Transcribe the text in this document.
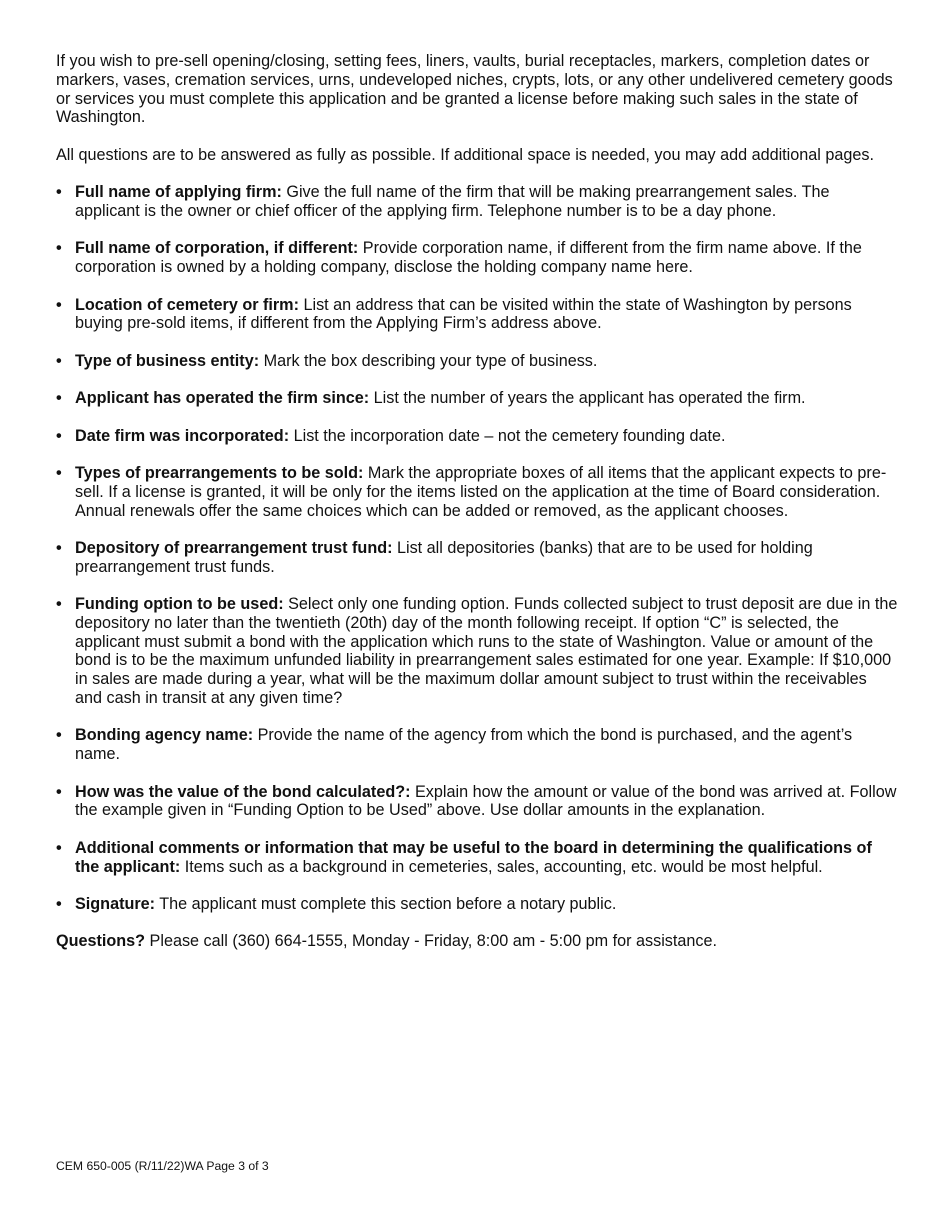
If you wish to pre-sell opening/closing, setting fees, liners, vaults, burial receptacles, markers, completion dates or markers, vases, cremation services, urns, undeveloped niches, crypts, lots, or any other undelivered cemetery goods or services you must complete this application and be granted a license before making such sales in the state of Washington.

All questions are to be answered as fully as possible. If additional space is needed, you may add additional pages.

• Full name of applying firm: Give the full name of the firm that will be making prearrangement sales. The applicant is the owner or chief officer of the applying firm. Telephone number is to be a day phone.
• Full name of corporation, if different: Provide corporation name, if different from the firm name above. If the corporation is owned by a holding company, disclose the holding company name here.
• Location of cemetery or firm: List an address that can be visited within the state of Washington by persons buying pre-sold items, if different from the Applying Firm’s address above.
• Type of business entity: Mark the box describing your type of business.
• Applicant has operated the firm since: List the number of years the applicant has operated the firm.
• Date firm was incorporated: List the incorporation date – not the cemetery founding date.
• Types of prearrangements to be sold: Mark the appropriate boxes of all items that the applicant expects to pre-sell. If a license is granted, it will be only for the items listed on the application at the time of Board consideration. Annual renewals offer the same choices which can be added or removed, as the applicant chooses.
• Depository of prearrangement trust fund: List all depositories (banks) that are to be used for holding prearrangement trust funds.
• Funding option to be used: Select only one funding option. Funds collected subject to trust deposit are due in the depository no later than the twentieth (20th) day of the month following receipt. If option “C” is selected, the applicant must submit a bond with the application which runs to the state of Washington. Value or amount of the bond is to be the maximum unfunded liability in prearrangement sales estimated for one year. Example: If $10,000 in sales are made during a year, what will be the maximum dollar amount subject to trust within the receivables and cash in transit at any given time?
• Bonding agency name: Provide the name of the agency from which the bond is purchased, and the agent’s name.
• How was the value of the bond calculated?: Explain how the amount or value of the bond was arrived at. Follow the example given in “Funding Option to be Used” above. Use dollar amounts in the explanation.
• Additional comments or information that may be useful to the board in determining the qualifications of the applicant: Items such as a background in cemeteries, sales, accounting, etc. would be most helpful.
• Signature: The applicant must complete this section before a notary public.

Questions? Please call (360) 664-1555, Monday - Friday, 8:00 am - 5:00 pm for assistance.

CEM 650-005 (R/11/22)WA Page 3 of 3
